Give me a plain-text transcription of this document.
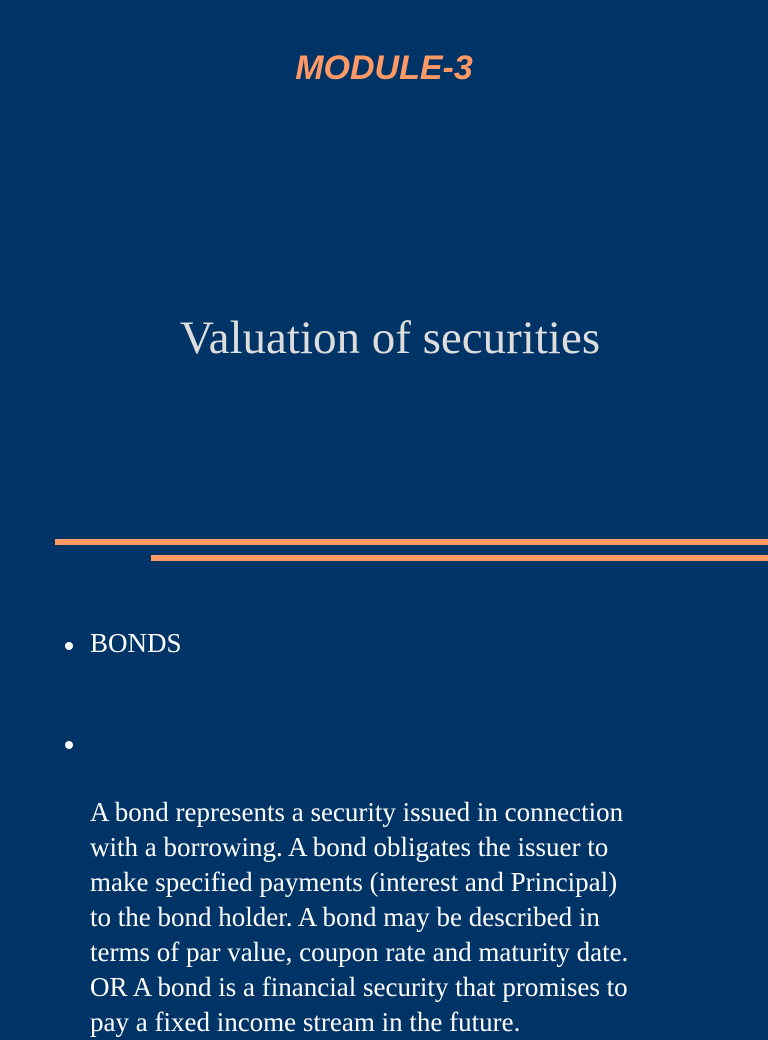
MODULE-3
Valuation of securities
BONDS

A bond represents a security issued in connection
with a borrowing. A bond obligates the issuer to
make specified payments (interest and Principal)
to the bond holder. A bond may be described in
terms of par value, coupon rate and maturity date.
OR A bond is a financial security that promises to
pay a fixed income stream in the future.
